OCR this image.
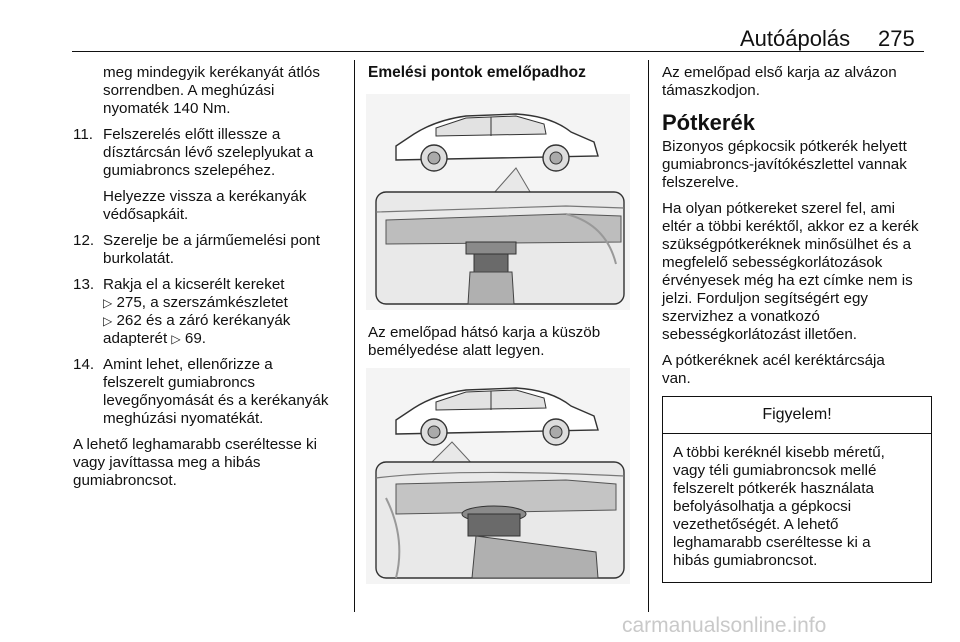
Autóápolás 275
meg mindegyik kerékanyát átlós
sorrendben. A meghúzási
nyomaték 140 Nm.
11. Felszerelés előtt illessze a
dísztárcsán lévő szeleplyukat a
gumiabroncs szelepéhez.
Helyezze vissza a kerékanyák
védősapkáit.
12. Szerelje be a járműemelési pont
burkolatát.
13. Rakja el a kicserélt kereket
▷ 275, a szerszámkészletet
▷ 262 és a záró kerékanyák
adapterét ▷ 69.
14. Amint lehet, ellenőrizze a
felszerelt gumiabroncs
levegőnyomását és a kerékanyák
meghúzási nyomatékát.

A lehető leghamarabb cseréltesse ki
vagy javíttassa meg a hibás
gumiabroncsot.

Emelési pontok emelőpadhoz
Az emelőpad hátsó karja a küszöb
bemélyedése alatt legyen.

Az emelőpad első karja az alvázon
támaszkodjon.

Pótkerék

Bizonyos gépkocsik pótkerék helyett
gumiabroncs-javítókészlettel vannak
felszerelve.

Ha olyan pótkereket szerel fel, ami
eltér a többi keréktől, akkor ez a kerék
szükségpótkeréknek minősülhet és a
megfelelő sebességkorlátozások
érvényesek még ha ezt címke nem is
jelzi. Forduljon segítségért egy
szervizhez a vonatkozó
sebességkorlátozást illetően.

A pótkeréknek acél keréktárcsája
van.

Figyelem!
A többi keréknél kisebb méretű,
vagy téli gumiabroncsok mellé
felszerelt pótkerék használata
befolyásolhatja a gépkocsi
vezethetőségét. A lehető
leghamarabb cseréltesse ki a
hibás gumiabroncsot.
carmanualsonline.info
